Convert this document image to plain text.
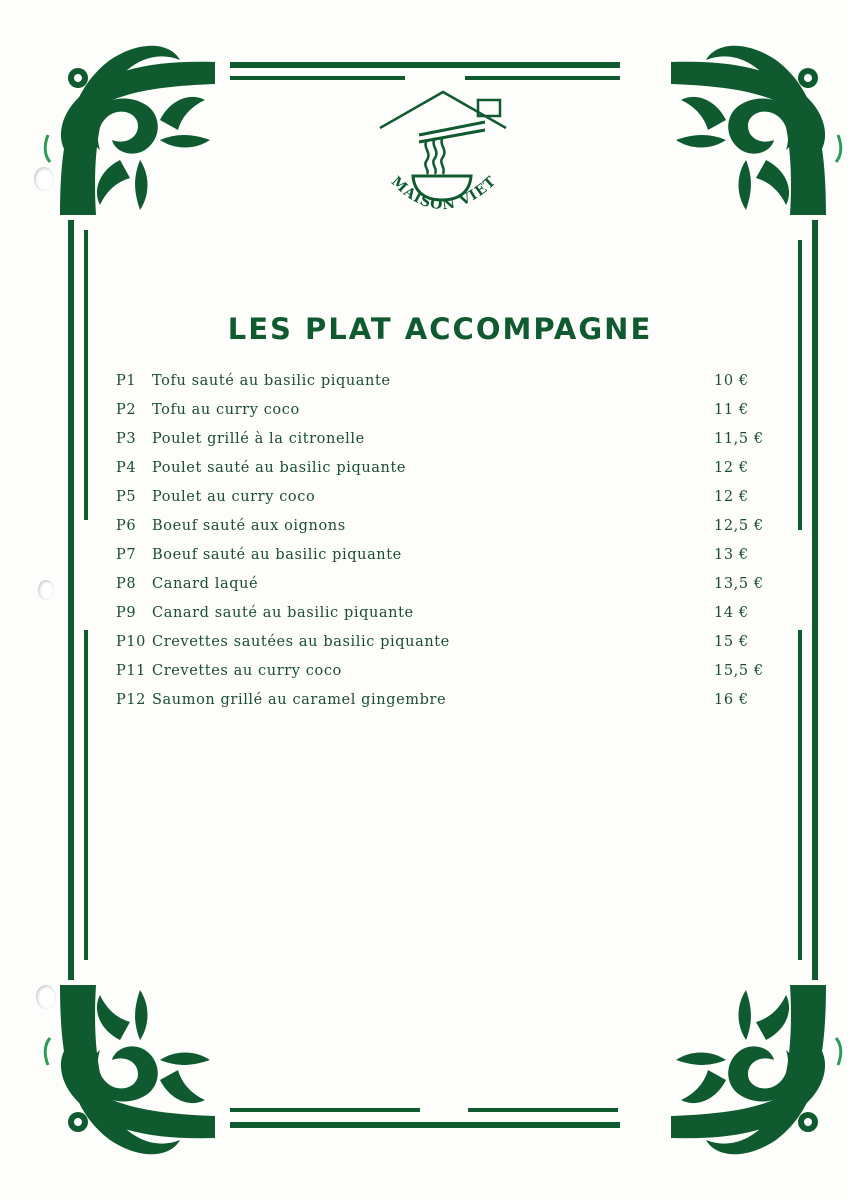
MAISON VIET
LES PLAT ACCOMPAGNE
P1 Tofu sauté au basilic piquante	10 €
P2 Tofu au curry coco	11 €
P3 Poulet grillé à la citronelle	11,5 €
P4 Poulet sauté au basilic piquante	12 €
P5 Poulet au curry coco	12 €
P6 Boeuf sauté aux oignons	12,5 €
P7 Boeuf sauté au basilic piquante	13 €
P8 Canard laqué	13,5 €
P9 Canard sauté au basilic piquante	14 €
P10 Crevettes sautées au basilic piquante	15 €
P11 Crevettes au curry coco	15,5 €
P12 Saumon grillé au caramel gingembre	16 €
